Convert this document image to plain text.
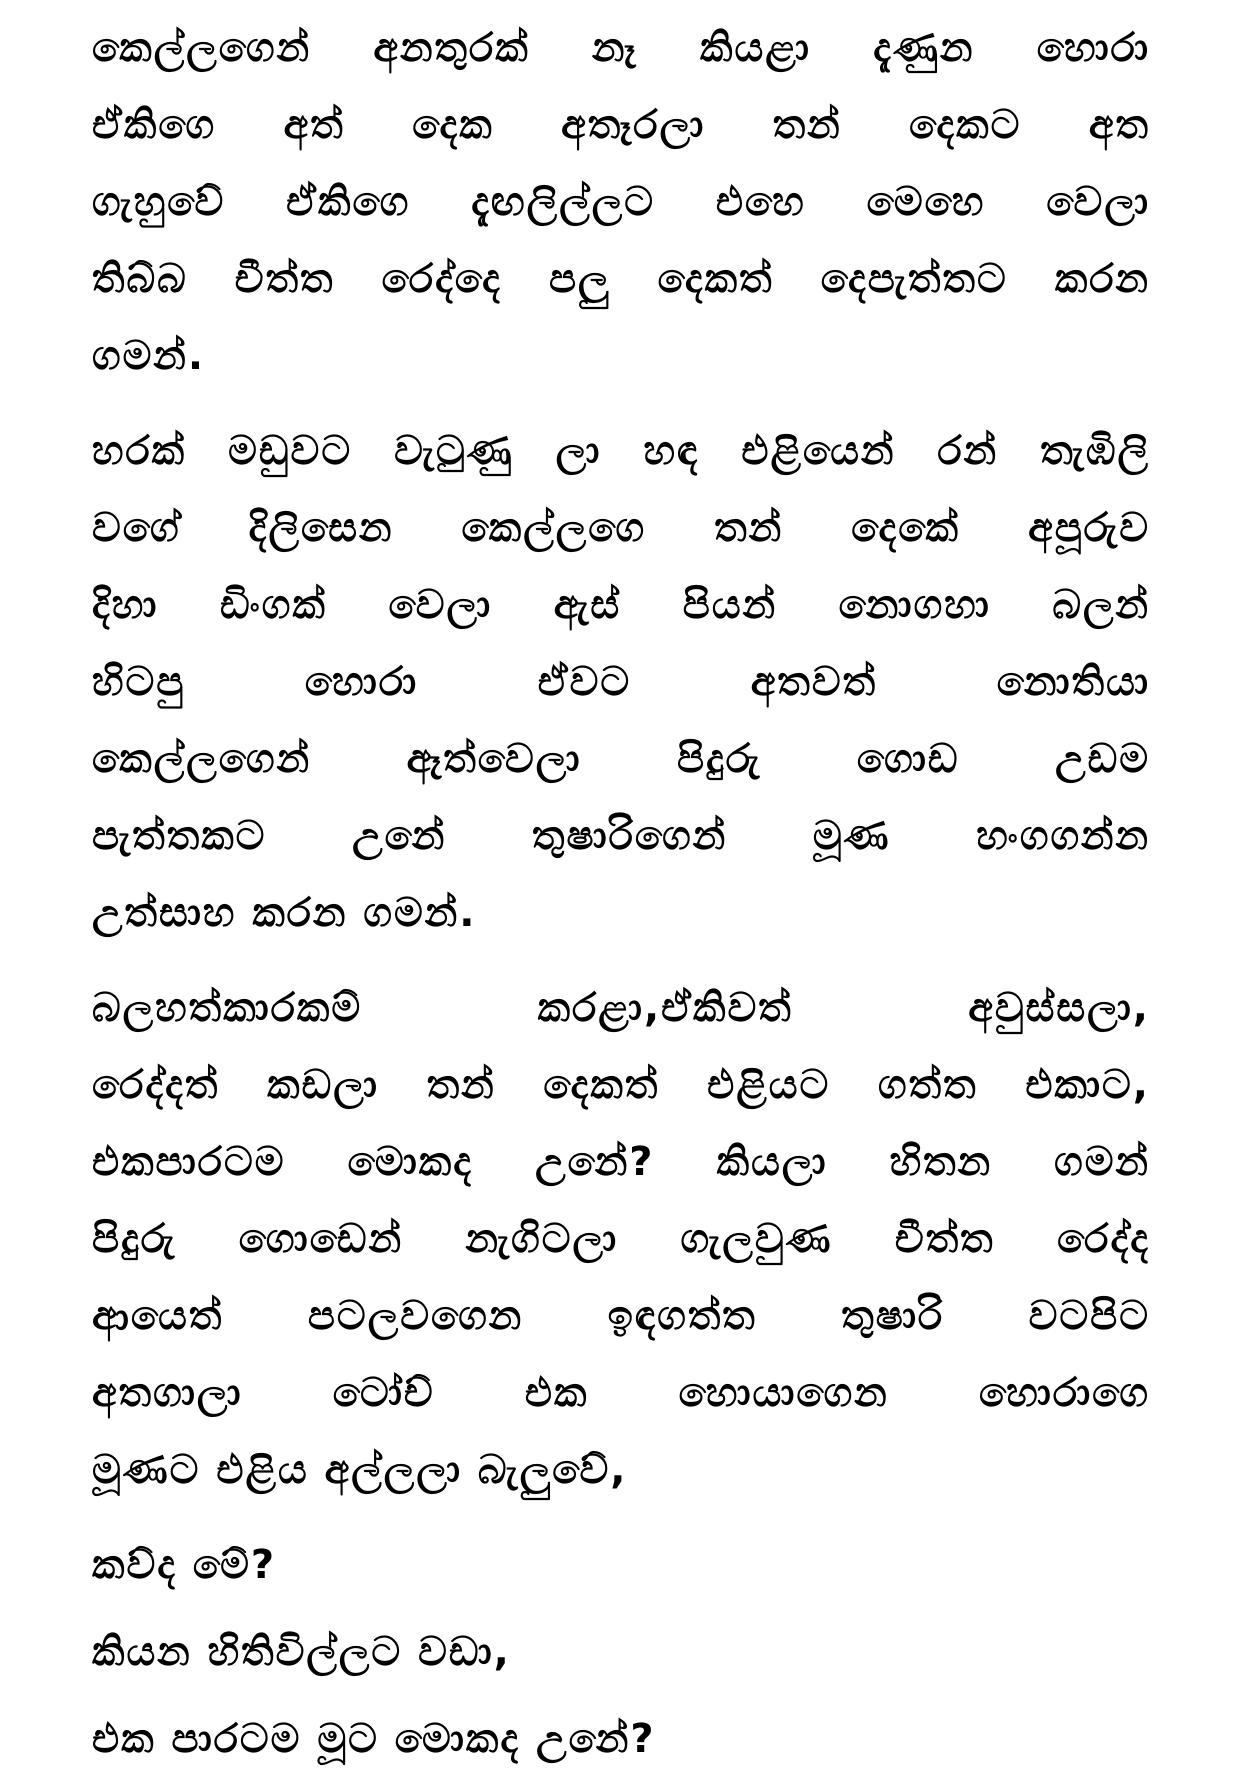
කෙල්ලගෙන් අනතුරක් නෑ කියළා දැණුන හොරා
ඒකිගෙ අත් දෙක අතෑරලා තන් දෙකට අත
ගැහුවේ ඒකිගෙ දැඟලිල්ලට එහෙ මෙහෙ වෙලා
තිබ්බ චීත්ත රෙද්දෙ පලු දෙකත් දෙපැත්තට කරන
ගමන්.
හරක් මඩුවට වැටුණු ලා හඳ එළියෙන් රන් තැඹිලි
වගේ දිලිසෙන කෙල්ලගෙ තන් දෙකේ අපූරුව
දිහා ඩිංගක් වෙලා ඇස් පියන් නොගහා බලන්
හිටපු හොරා ඒවට අතවත් නොතියා
කෙල්ලගෙන් ඈත්වෙලා පිදුරු ගොඩ උඩම
පැත්තකට උනේ තුෂාරිගෙන් මූණ හංගගන්න
උත්සාහ කරන ගමන්.
බලහත්කාරකම් කරළා,ඒකිවත් අවුස්සලා,
රෙද්දත් කඩලා තන් දෙකත් එළියට ගත්ත එකාට,
එකපාරටම මොකද උනේ? කියලා හිතන ගමන්
පිදුරු ගොඩෙන් නැගිටලා ගැලවුණ චීත්ත රෙද්ද
ආයෙත් පටලවගෙන ඉඳගත්ත තුෂාරි වටපිට
අතගාලා ටෝච් එක හොයාගෙන හොරාගෙ
මූණට එළිය අල්ලලා බැලුවේ,
කව්ද මේ?
කියන හිතිවිල්ලට වඩා,
එක පාරටම මූට මොකද උනේ?
